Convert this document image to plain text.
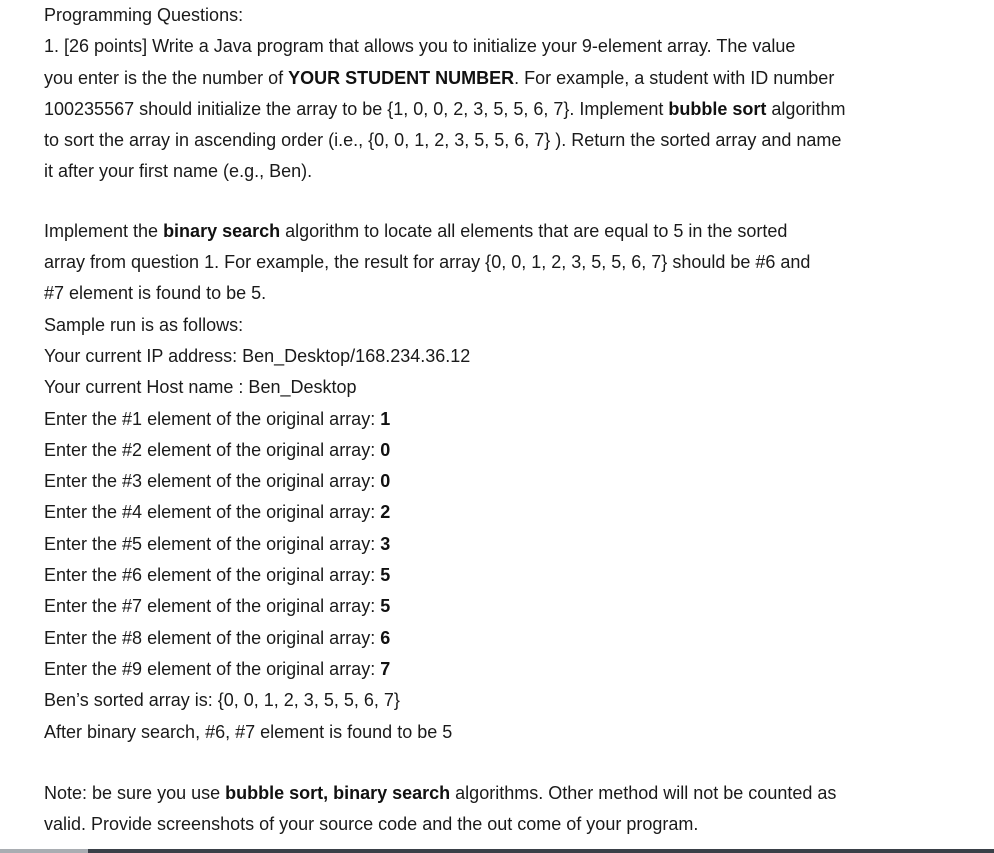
Programming Questions:

1. [26 points] Write a Java program that allows you to initialize your 9-element array. The value

you enter is the the number of YOUR STUDENT NUMBER. For example, a student with ID number

100235567 should initialize the array to be {1, 0, 0, 2, 3, 5, 5, 6, 7}. Implement bubble sort algorithm

to sort the array in ascending order (i.e., {0, 0, 1, 2, 3, 5, 5, 6, 7} ). Return the sorted array and name

it after your first name (e.g., Ben).

Implement the binary search algorithm to locate all elements that are equal to 5 in the sorted

array from question 1. For example, the result for array {0, 0, 1, 2, 3, 5, 5, 6, 7} should be #6 and

#7 element is found to be 5.

Sample run is as follows:

Your current IP address: Ben_Desktop/168.234.36.12

Your current Host name : Ben_Desktop

Enter the #1 element of the original array: 1

Enter the #2 element of the original array: 0

Enter the #3 element of the original array: 0

Enter the #4 element of the original array: 2

Enter the #5 element of the original array: 3

Enter the #6 element of the original array: 5

Enter the #7 element of the original array: 5

Enter the #8 element of the original array: 6

Enter the #9 element of the original array: 7

Ben’s sorted array is: {0, 0, 1, 2, 3, 5, 5, 6, 7}

After binary search, #6, #7 element is found to be 5

Note: be sure you use bubble sort, binary search algorithms. Other method will not be counted as

valid. Provide screenshots of your source code and the out come of your program.
